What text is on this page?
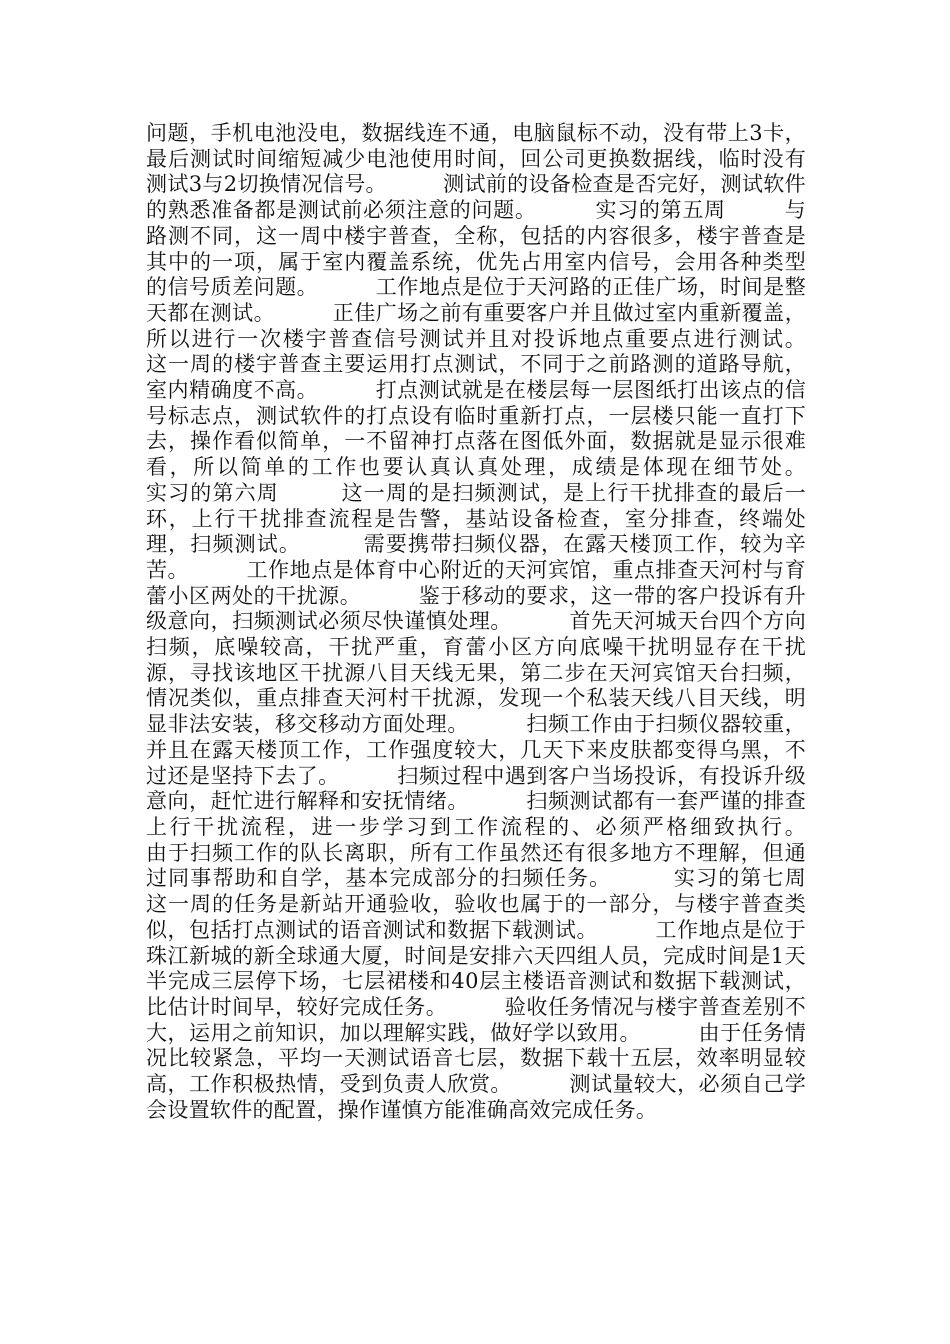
问题，手机电池没电，数据线连不通，电脑鼠标不动，没有带上3卡，最后测试时间缩短减少电池使用时间，回公司更换数据线，临时没有测试3与2切换情况信号。        测试前的设备检查是否完好，测试软件的熟悉准备都是测试前必须注意的问题。        实习的第五周        与路测不同，这一周中楼宇普查，全称，包括的内容很多，楼宇普查是其中的一项，属于室内覆盖系统，优先占用室内信号，会用各种类型的信号质差问题。        工作地点是位于天河路的正佳广场，时间是整天都在测试。        正佳广场之前有重要客户并且做过室内重新覆盖，所以进行一次楼宇普查信号测试并且对投诉地点重要点进行测试。        这一周的楼宇普查主要运用打点测试，不同于之前路测的道路导航，室内精确度不高。        打点测试就是在楼层每一层图纸打出该点的信号标志点，测试软件的打点设有临时重新打点，一层楼只能一直打下去，操作看似简单，一不留神打点落在图低外面，数据就是显示很难看，所以简单的工作也要认真认真处理，成绩是体现在细节处。        实习的第六周        这一周的是扫频测试，是上行干扰排查的最后一环，上行干扰排查流程是告警，基站设备检查，室分排查，终端处理，扫频测试。        需要携带扫频仪器，在露天楼顶工作，较为辛苦。        工作地点是体育中心附近的天河宾馆，重点排查天河村与育蕾小区两处的干扰源。        鉴于移动的要求，这一带的客户投诉有升级意向，扫频测试必须尽快谨慎处理。        首先天河城天台四个方向扫频，底噪较高，干扰严重，育蕾小区方向底噪干扰明显存在干扰源，寻找该地区干扰源八目天线无果，第二步在天河宾馆天台扫频，情况类似，重点排查天河村干扰源，发现一个私装天线八目天线，明显非法安装，移交移动方面处理。        扫频工作由于扫频仪器较重，并且在露天楼顶工作，工作强度较大，几天下来皮肤都变得乌黑，不过还是坚持下去了。        扫频过程中遇到客户当场投诉，有投诉升级意向，赶忙进行解释和安抚情绪。        扫频测试都有一套严谨的排查上行干扰流程，进一步学习到工作流程的、必须严格细致执行。        由于扫频工作的队长离职，所有工作虽然还有很多地方不理解，但通过同事帮助和自学，基本完成部分的扫频任务。        实习的第七周        这一周的任务是新站开通验收，验收也属于的一部分，与楼宇普查类似，包括打点测试的语音测试和数据下载测试。        工作地点是位于珠江新城的新全球通大厦，时间是安排六天四组人员，完成时间是1天半完成三层停下场，七层裙楼和40层主楼语音测试和数据下载测试，比估计时间早，较好完成任务。        验收任务情况与楼宇普查差别不大，运用之前知识，加以理解实践，做好学以致用。        由于任务情况比较紧急，平均一天测试语音七层，数据下载十五层，效率明显较高，工作积极热情，受到负责人欣赏。        测试量较大，必须自己学会设置软件的配置，操作谨慎方能准确高效完成任务。
